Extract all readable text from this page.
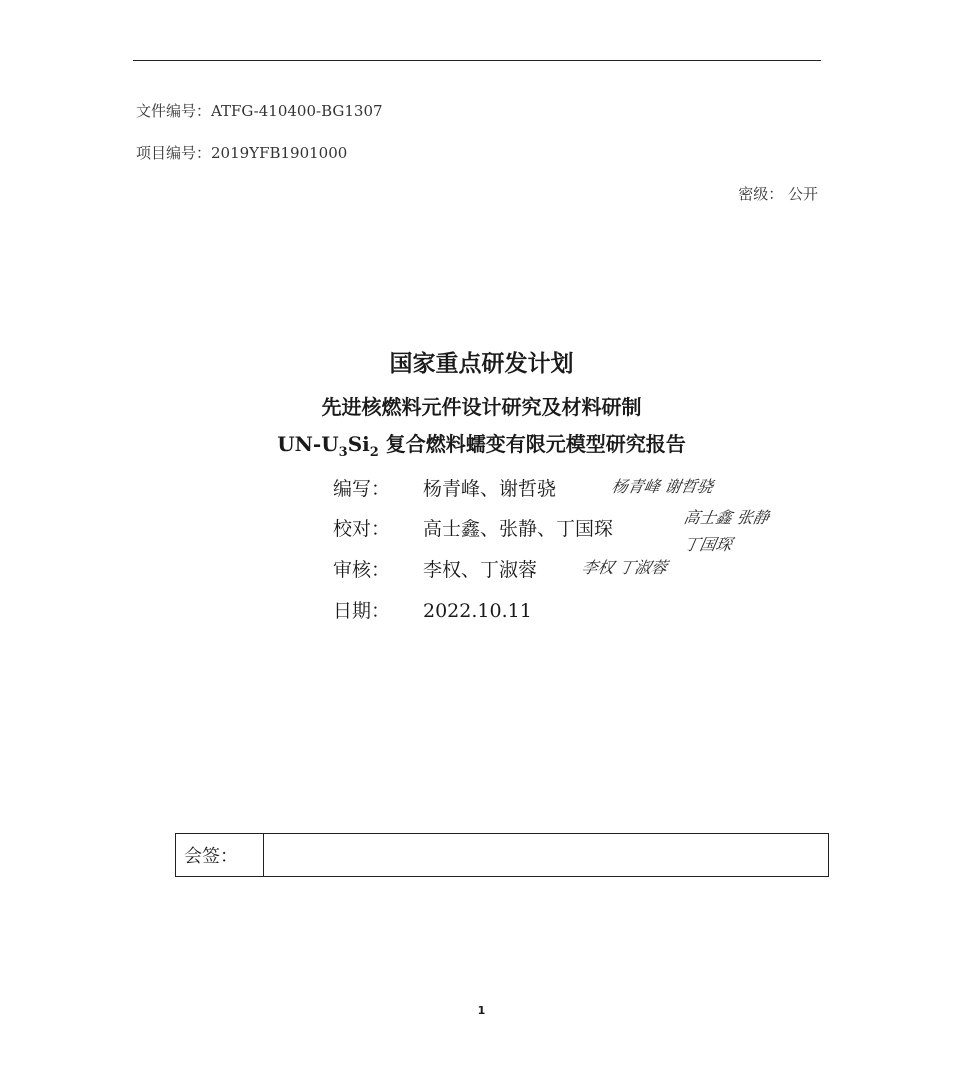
文件编号：ATFG-410400-BG1307
项目编号：2019YFB1901000
密级： 公开
国家重点研发计划
先进核燃料元件设计研究及材料研制
$UN-U_3Si_2$ 复合燃料蠕变有限元模型研究报告
编写： 杨青峰、谢哲骁	杨青峰 谢哲骁
校对： 高士鑫、张静、丁国琛
高士鑫 张静
丁国琛
审核： 李权、丁淑蓉	李权 丁淑蓉
日期： 2022.10.11
会签：
1
